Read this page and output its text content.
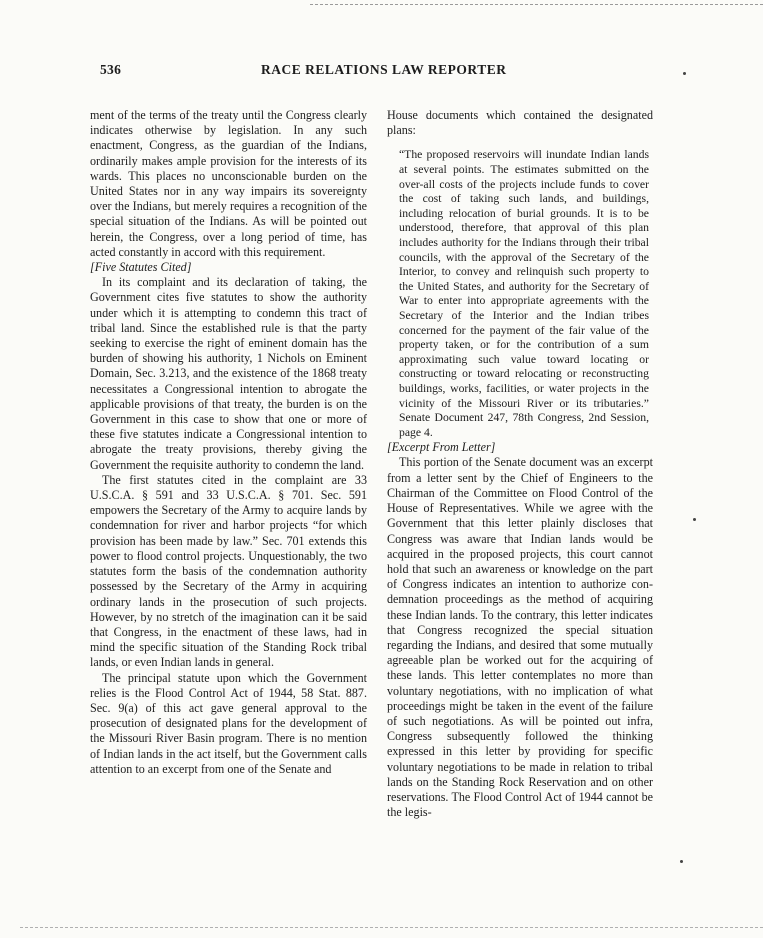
536	RACE RELATIONS LAW REPORTER

ment of the terms of the treaty until the Congress clearly indicates otherwise by legislation. In any such enactment, Congress, as the guardian of the Indians, ordinarily makes ample provision for the interests of its wards. This places no unconscionable burden on the United States nor in any way impairs its sovereignty over the Indians, but merely requires a recognition of the special situation of the Indians. As will be pointed out herein, the Congress, over a long period of time, has acted constantly in accord with this requirement.

[Five Statutes Cited]

In its complaint and its declaration of taking, the Government cites five statutes to show the authority under which it is attempting to condemn this tract of tribal land. Since the established rule is that the party seeking to exercise the right of eminent domain has the burden of showing his authority, 1 Nichols on Eminent Domain, Sec. 3.213, and the existence of the 1868 treaty necessitates a Congressional intention to abrogate the applicable provisions of that treaty, the burden is on the Government in this case to show that one or more of these five statutes indicate a Congressional intention to abrogate the treaty provisions, thereby giving the Government the requisite authority to condemn the land.

The first statutes cited in the complaint are 33 U.S.C.A. § 591 and 33 U.S.C.A. § 701. Sec. 591 empowers the Secretary of the Army to acquire lands by condemnation for river and harbor projects “for which provision has been made by law.” Sec. 701 extends this power to flood control projects. Unquestionably, the two statutes form the basis of the condemnation authority possessed by the Secretary of the Army in acquiring ordinary lands in the prosecution of such projects. However, by no stretch of the imagination can it be said that Congress, in the enactment of these laws, had in mind the specific situation of the Standing Rock tribal lands, or even Indian lands in general.

The principal statute upon which the Government relies is the Flood Control Act of 1944, 58 Stat. 887. Sec. 9(a) of this act gave general approval to the prosecution of designated plans for the development of the Missouri River Basin program. There is no mention of Indian lands in the act itself, but the Government calls attention to an excerpt from one of the Senate and

House documents which contained the designated plans:

“The proposed reservoirs will inundate Indian lands at several points. The estimates submitted on the over-all costs of the projects include funds to cover the cost of taking such lands, and buildings, including relocation of burial grounds. It is to be understood, therefore, that approval of this plan includes authority for the Indians through their tribal councils, with the approval of the Secretary of the Interior, to convey and relinquish such property to the United States, and authority for the Secretary of War to enter into appropriate agreements with the Secretary of the Interior and the Indian tribes concerned for the payment of the fair value of the property taken, or for the contribution of a sum approximating such value toward locating or constructing or toward relocating or reconstructing buildings, works, facilities, or water projects in the vicinity of the Missouri River or its tributaries.” Senate Document 247, 78th Congress, 2nd Session, page 4.

[Excerpt From Letter]

This portion of the Senate document was an excerpt from a letter sent by the Chief of Engineers to the Chairman of the Committee on Flood Control of the House of Representatives. While we agree with the Government that this letter plainly discloses that Congress was aware that Indian lands would be acquired in the proposed projects, this court cannot hold that such an awareness or knowledge on the part of Congress indicates an intention to authorize condemnation proceedings as the method of acquiring these Indian lands. To the contrary, this letter indicates that Congress recognized the special situation regarding the Indians, and desired that some mutually agreeable plan be worked out for the acquiring of these lands. This letter contemplates no more than voluntary negotiations, with no implication of what proceedings might be taken in the event of the failure of such negotiations. As will be pointed out infra, Congress subsequently followed the thinking expressed in this letter by providing for specific voluntary negotiations to be made in relation to tribal lands on the Standing Rock Reservation and on other reservations. The Flood Control Act of 1944 cannot be the legis-
